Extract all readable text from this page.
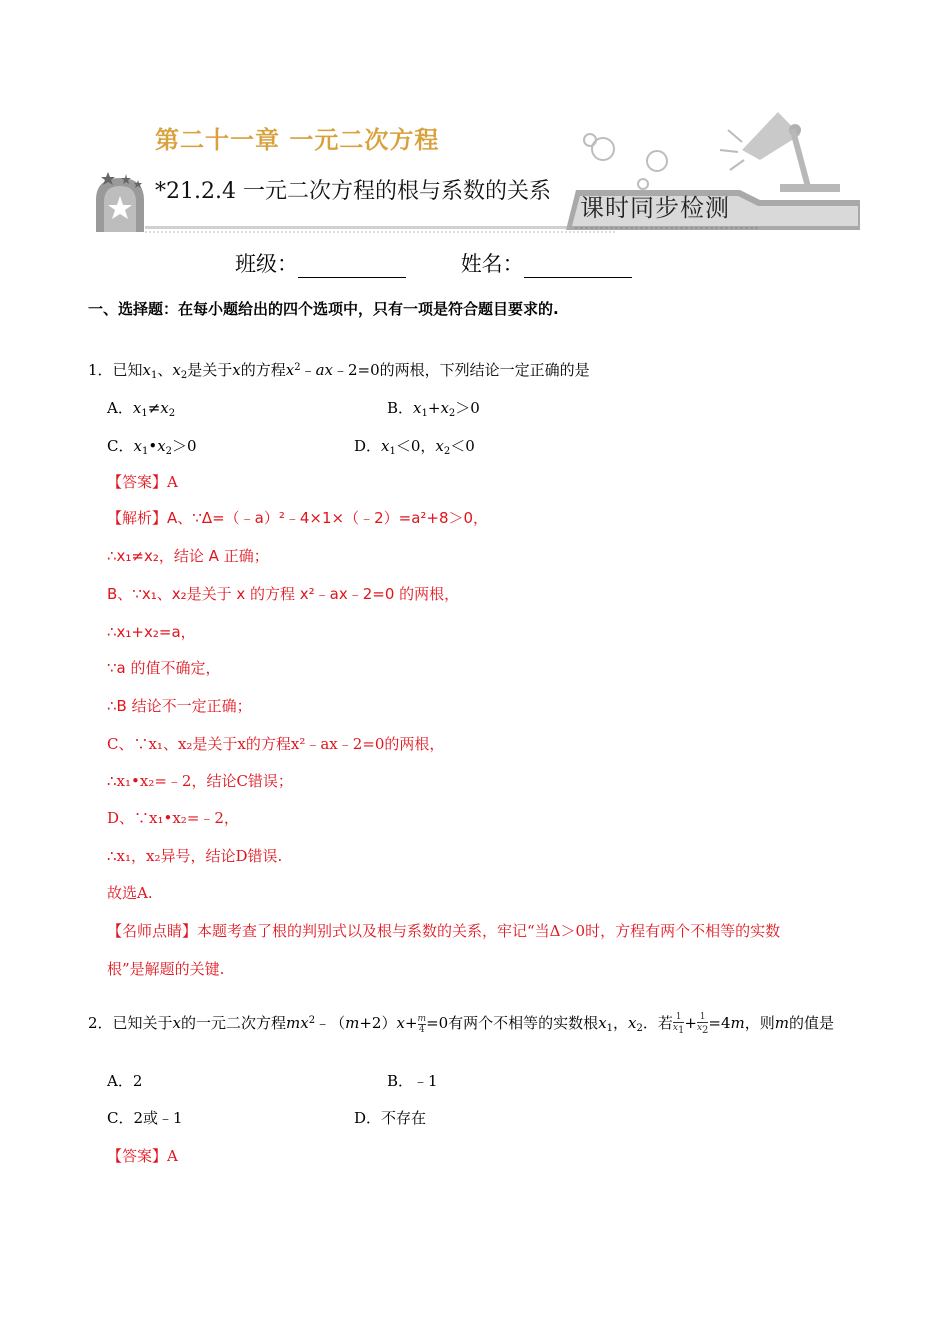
第二十一章 一元二次方程
*21.2.4 一元二次方程的根与系数的关系
课时同步检测
班级：	姓名：
一、选择题：在每小题给出的四个选项中，只有一项是符合题目要求的.
1．已知$x_1$、$x_2$是关于x的方程$x^2﹣ax﹣2=0$的两根，下列结论一定正确的是
A．$x_1\ne x_2$	B．$x_1+x_2>0$
C．$x_1•x_2>0$	D．$x_1<0$，$x_2<0$
【答案】A
【解析】A、∵Δ=（﹣a）²﹣4×1×（﹣2）=a²+8＞0，
∴x₁≠x₂，结论 A 正确；
B、∵x₁、x₂是关于 x 的方程 x²﹣ax﹣2=0 的两根，
∴x₁+x₂=a，
∵a 的值不确定，
∴B 结论不一定正确；
C、∵x₁、x₂是关于x的方程x²﹣ax﹣2=0的两根，
∴x₁•x₂=﹣2，结论C错误；
D、∵x₁•x₂=﹣2，
∴x₁，x₂异号，结论D错误.
故选A.
【名师点睛】本题考查了根的判别式以及根与系数的关系，牢记“当Δ＞0时，方程有两个不相等的实数
根”是解题的关键.
2．已知关于x的一元二次方程$mx^2﹣(m+2)x+ \frac{m}{4} =0$有两个不相等的实数根$x_1$，$x_2$．若 $\frac{1}{x_1} + \frac{1}{x_2} =4m$，则m的值是
A．2	B．﹣1
C．2或﹣1	D．不存在
【答案】A
